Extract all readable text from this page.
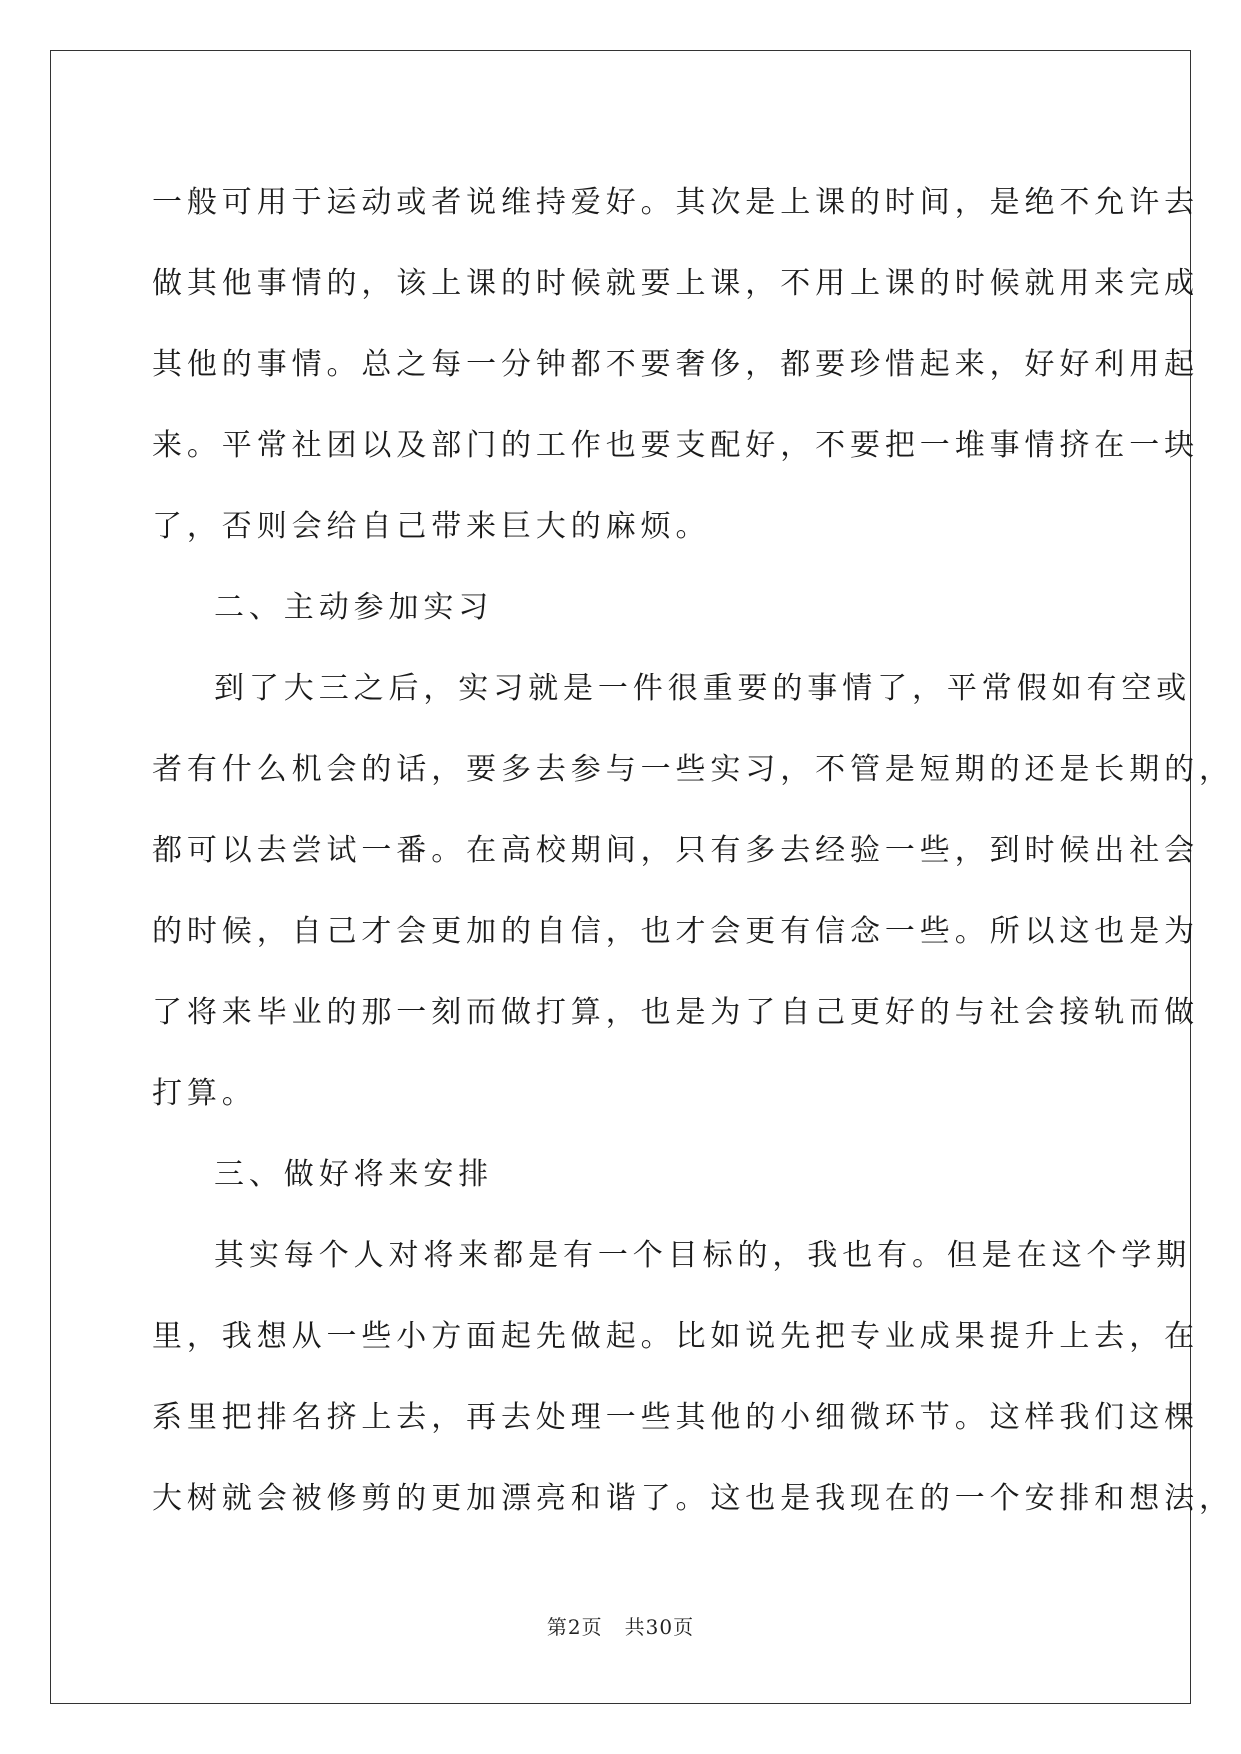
一般可用于运动或者说维持爱好。其次是上课的时间，是绝不允许去
做其他事情的，该上课的时候就要上课，不用上课的时候就用来完成
其他的事情。总之每一分钟都不要奢侈，都要珍惜起来，好好利用起
来。平常社团以及部门的工作也要支配好，不要把一堆事情挤在一块
了，否则会给自己带来巨大的麻烦。
二、主动参加实习
到了大三之后，实习就是一件很重要的事情了，平常假如有空或
者有什么机会的话，要多去参与一些实习，不管是短期的还是长期的，
都可以去尝试一番。在高校期间，只有多去经验一些，到时候出社会
的时候，自己才会更加的自信，也才会更有信念一些。所以这也是为
了将来毕业的那一刻而做打算，也是为了自己更好的与社会接轨而做
打算。
三、做好将来安排
其实每个人对将来都是有一个目标的，我也有。但是在这个学期
里，我想从一些小方面起先做起。比如说先把专业成果提升上去，在
系里把排名挤上去，再去处理一些其他的小细微环节。这样我们这棵
大树就会被修剪的更加漂亮和谐了。这也是我现在的一个安排和想法，
第2页 共30页
